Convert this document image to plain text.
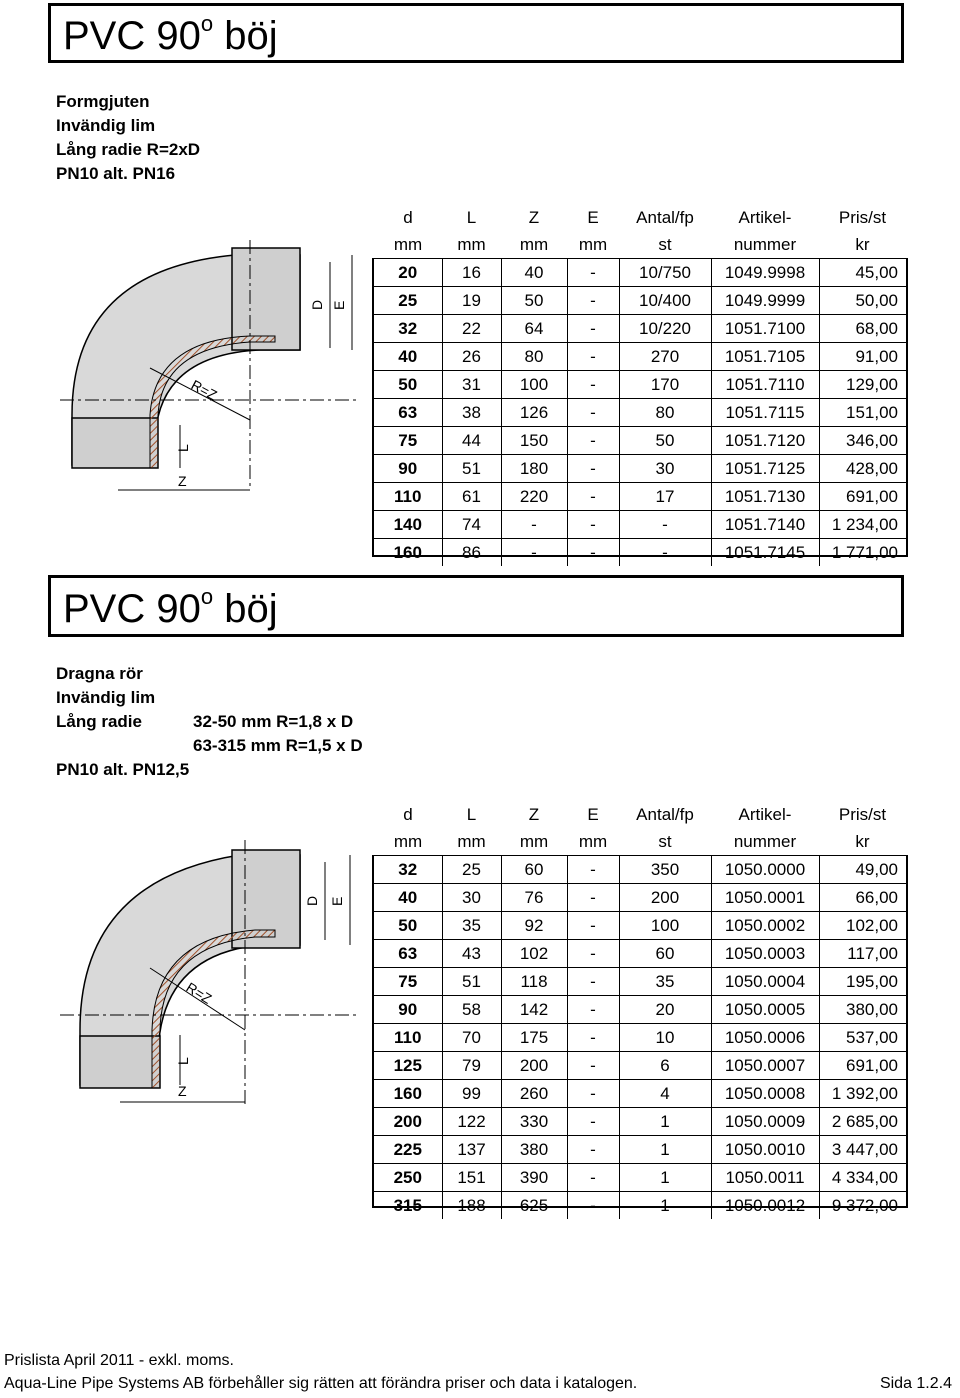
PVC 90$^o$ böj
Formgjuten
Invändig lim
Lång radie R=2xD
PN10 alt. PN16
R=Z
L
Z
D E
d	L	Z	E	Antal/fp	Artikel-	Pris/st
mm	mm	mm	mm	st	nummer	kr
20	16	40	-	10/750	1049.9998	45,00
25	19	50	-	10/400	1049.9999	50,00
32	22	64	-	10/220	1051.7100	68,00
40	26	80	-	270	1051.7105	91,00
50	31	100	-	170	1051.7110	129,00
63	38	126	-	80	1051.7115	151,00
75	44	150	-	50	1051.7120	346,00
90	51	180	-	30	1051.7125	428,00
110	61	220	-	17	1051.7130	691,00
140	74	-	-	-	1051.7140	1 234,00
160	86	-	-	-	1051.7145	1 771,00
PVC 90$^o$ böj
Dragna rör
Invändig lim
Lång radie	32-50 mm R=1,8 x D
63-315 mm R=1,5 x D
PN10 alt. PN12,5
R=Z
L
Z
D E
d	L	Z	E	Antal/fp	Artikel-	Pris/st
mm	mm	mm	mm	st	nummer	kr
32	25	60	-	350	1050.0000	49,00
40	30	76	-	200	1050.0001	66,00
50	35	92	-	100	1050.0002	102,00
63	43	102	-	60	1050.0003	117,00
75	51	118	-	35	1050.0004	195,00
90	58	142	-	20	1050.0005	380,00
110	70	175	-	10	1050.0006	537,00
125	79	200	-	6	1050.0007	691,00
160	99	260	-	4	1050.0008	1 392,00
200	122	330	-	1	1050.0009	2 685,00
225	137	380	-	1	1050.0010	3 447,00
250	151	390	-	1	1050.0011	4 334,00
315	188	625	-	1	1050.0012	9 372,00
Prislista April 2011 - exkl. moms.
Aqua-Line Pipe Systems AB förbehåller sig rätten att förändra priser och data i katalogen.	Sida 1.2.4
